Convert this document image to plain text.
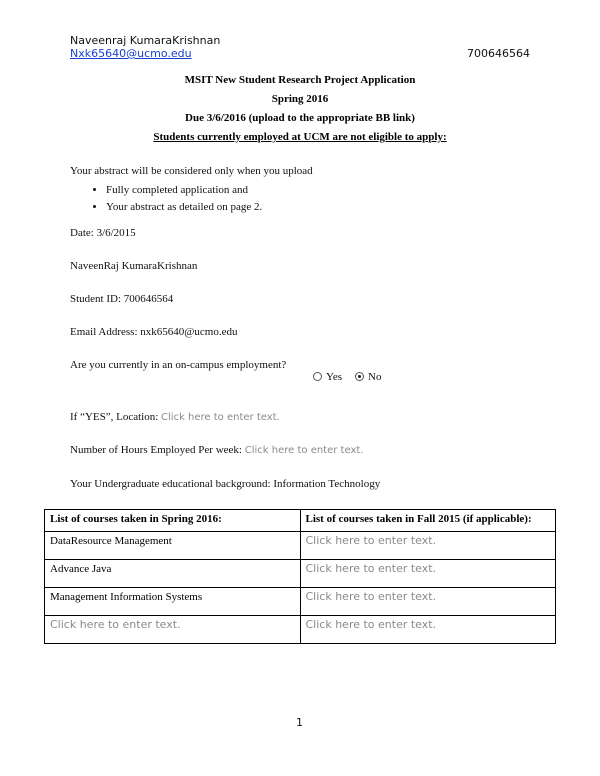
Naveenraj KumaraKrishnan
Nxk65640@ucmo.edu	700646564
MSIT New Student Research Project Application
Spring 2016
Due 3/6/2016 (upload to the appropriate BB link)
Students currently employed at UCM are not eligible to apply:
Your abstract will be considered only when you upload
• Fully completed application and
• Your abstract as detailed on page 2.
Date: 3/6/2015
NaveenRaj KumaraKrishnan
Student ID: 700646564
Email Address: nxk65640@ucmo.edu
Are you currently in an on-campus employment?
Yes	No
If “YES”, Location: Click here to enter text.
Number of Hours Employed Per week: Click here to enter text.
Your Undergraduate educational background: Information Technology
List of courses taken in Spring 2016:	List of courses taken in Fall 2015 (if applicable):
DataResource Management	Click here to enter text.
Advance Java	Click here to enter text.
Management Information Systems	Click here to enter text.
Click here to enter text.	Click here to enter text.
1
